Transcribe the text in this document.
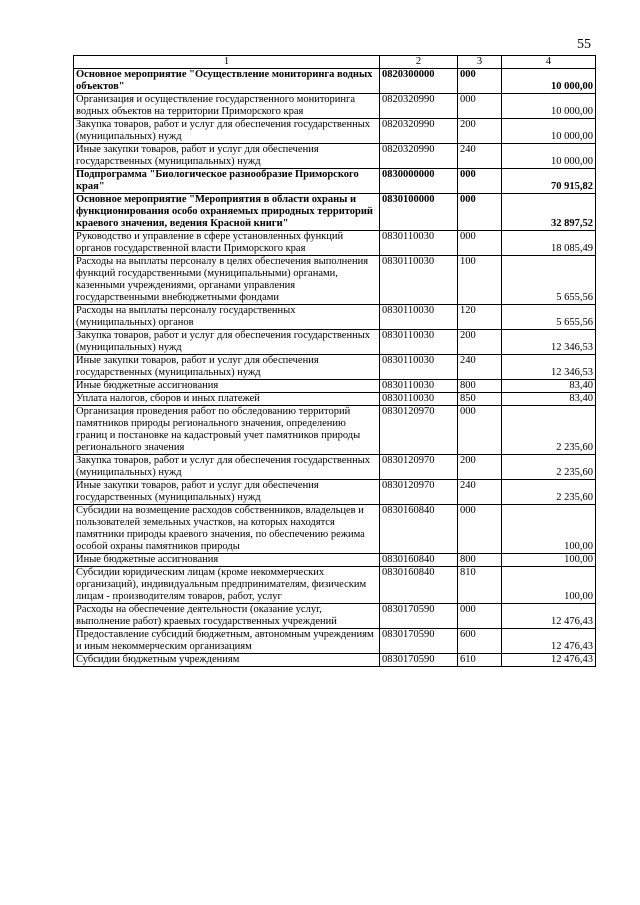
55
1	2	3	4
Основное мероприятие "Осуществление мониторинга водных объектов"	0820300000	000	10 000,00
Организация и осуществление государственного мониторинга водных объектов на территории Приморского края	0820320990	000	10 000,00
Закупка товаров, работ и услуг для обеспечения государственных (муниципальных) нужд	0820320990	200	10 000,00
Иные закупки товаров, работ и услуг для обеспечения государственных (муниципальных) нужд	0820320990	240	10 000,00
Подпрограмма "Биологическое разнообразие Приморского края"	0830000000	000	70 915,82
Основное мероприятие "Мероприятия в области охраны и функционирования особо охраняемых природных территорий краевого значения, ведения Красной книги"	0830100000	000	32 897,52
Руководство и управление в сфере установленных функций органов государственной власти Приморского края	0830110030	000	18 085,49
Расходы на выплаты персоналу в целях обеспечения выполнения функций государственными (муниципальными) органами, казенными учреждениями, органами управления государственными внебюджетными фондами	0830110030	100	5 655,56
Расходы на выплаты персоналу государственных (муниципальных) органов	0830110030	120	5 655,56
Закупка товаров, работ и услуг для обеспечения государственных (муниципальных) нужд	0830110030	200	12 346,53
Иные закупки товаров, работ и услуг для обеспечения государственных (муниципальных) нужд	0830110030	240	12 346,53
Иные бюджетные ассигнования	0830110030	800	83,40
Уплата налогов, сборов и иных платежей	0830110030	850	83,40
Организация проведения работ по обследованию территорий памятников природы регионального значения, определению границ и постановке на кадастровый учет памятников природы регионального значения	0830120970	000	2 235,60
Закупка товаров, работ и услуг для обеспечения государственных (муниципальных) нужд	0830120970	200	2 235,60
Иные закупки товаров, работ и услуг для обеспечения государственных (муниципальных) нужд	0830120970	240	2 235,60
Субсидии на возмещение расходов собственников, владельцев и пользователей земельных участков, на которых находятся памятники природы краевого значения, по обеспечению режима особой охраны памятников природы	0830160840	000	100,00
Иные бюджетные ассигнования	0830160840	800	100,00
Субсидии юридическим лицам (кроме некоммерческих организаций), индивидуальным предпринимателям, физическим лицам - производителям товаров, работ, услуг	0830160840	810	100,00
Расходы на обеспечение деятельности (оказание услуг, выполнение работ) краевых государственных учреждений	0830170590	000	12 476,43
Предоставление субсидий бюджетным, автономным учреждениям и иным некоммерческим организациям	0830170590	600	12 476,43
Субсидии бюджетным учреждениям	0830170590	610	12 476,43
